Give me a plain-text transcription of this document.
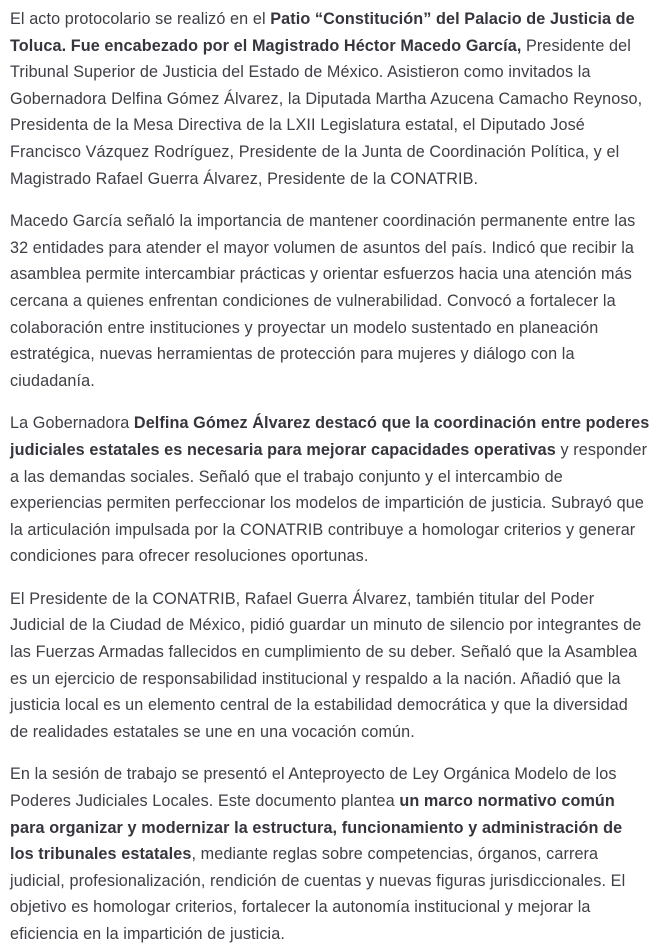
El acto protocolario se realizó en el Patio “Constitución” del Palacio de Justicia de Toluca. Fue encabezado por el Magistrado Héctor Macedo García, Presidente del Tribunal Superior de Justicia del Estado de México. Asistieron como invitados la Gobernadora Delfina Gómez Álvarez, la Diputada Martha Azucena Camacho Reynoso, Presidenta de la Mesa Directiva de la LXII Legislatura estatal, el Diputado José Francisco Vázquez Rodríguez, Presidente de la Junta de Coordinación Política, y el Magistrado Rafael Guerra Álvarez, Presidente de la CONATRIB.

Macedo García señaló la importancia de mantener coordinación permanente entre las 32 entidades para atender el mayor volumen de asuntos del país. Indicó que recibir la asamblea permite intercambiar prácticas y orientar esfuerzos hacia una atención más cercana a quienes enfrentan condiciones de vulnerabilidad. Convocó a fortalecer la colaboración entre instituciones y proyectar un modelo sustentado en planeación estratégica, nuevas herramientas de protección para mujeres y diálogo con la ciudadanía.

La Gobernadora Delfina Gómez Álvarez destacó que la coordinación entre poderes judiciales estatales es necesaria para mejorar capacidades operativas y responder a las demandas sociales. Señaló que el trabajo conjunto y el intercambio de experiencias permiten perfeccionar los modelos de impartición de justicia. Subrayó que la articulación impulsada por la CONATRIB contribuye a homologar criterios y generar condiciones para ofrecer resoluciones oportunas.

El Presidente de la CONATRIB, Rafael Guerra Álvarez, también titular del Poder Judicial de la Ciudad de México, pidió guardar un minuto de silencio por integrantes de las Fuerzas Armadas fallecidos en cumplimiento de su deber. Señaló que la Asamblea es un ejercicio de responsabilidad institucional y respaldo a la nación. Añadió que la justicia local es un elemento central de la estabilidad democrática y que la diversidad de realidades estatales se une en una vocación común.

En la sesión de trabajo se presentó el Anteproyecto de Ley Orgánica Modelo de los Poderes Judiciales Locales. Este documento plantea un marco normativo común para organizar y modernizar la estructura, funcionamiento y administración de los tribunales estatales, mediante reglas sobre competencias, órganos, carrera judicial, profesionalización, rendición de cuentas y nuevas figuras jurisdiccionales. El objetivo es homologar criterios, fortalecer la autonomía institucional y mejorar la eficiencia en la impartición de justicia.
